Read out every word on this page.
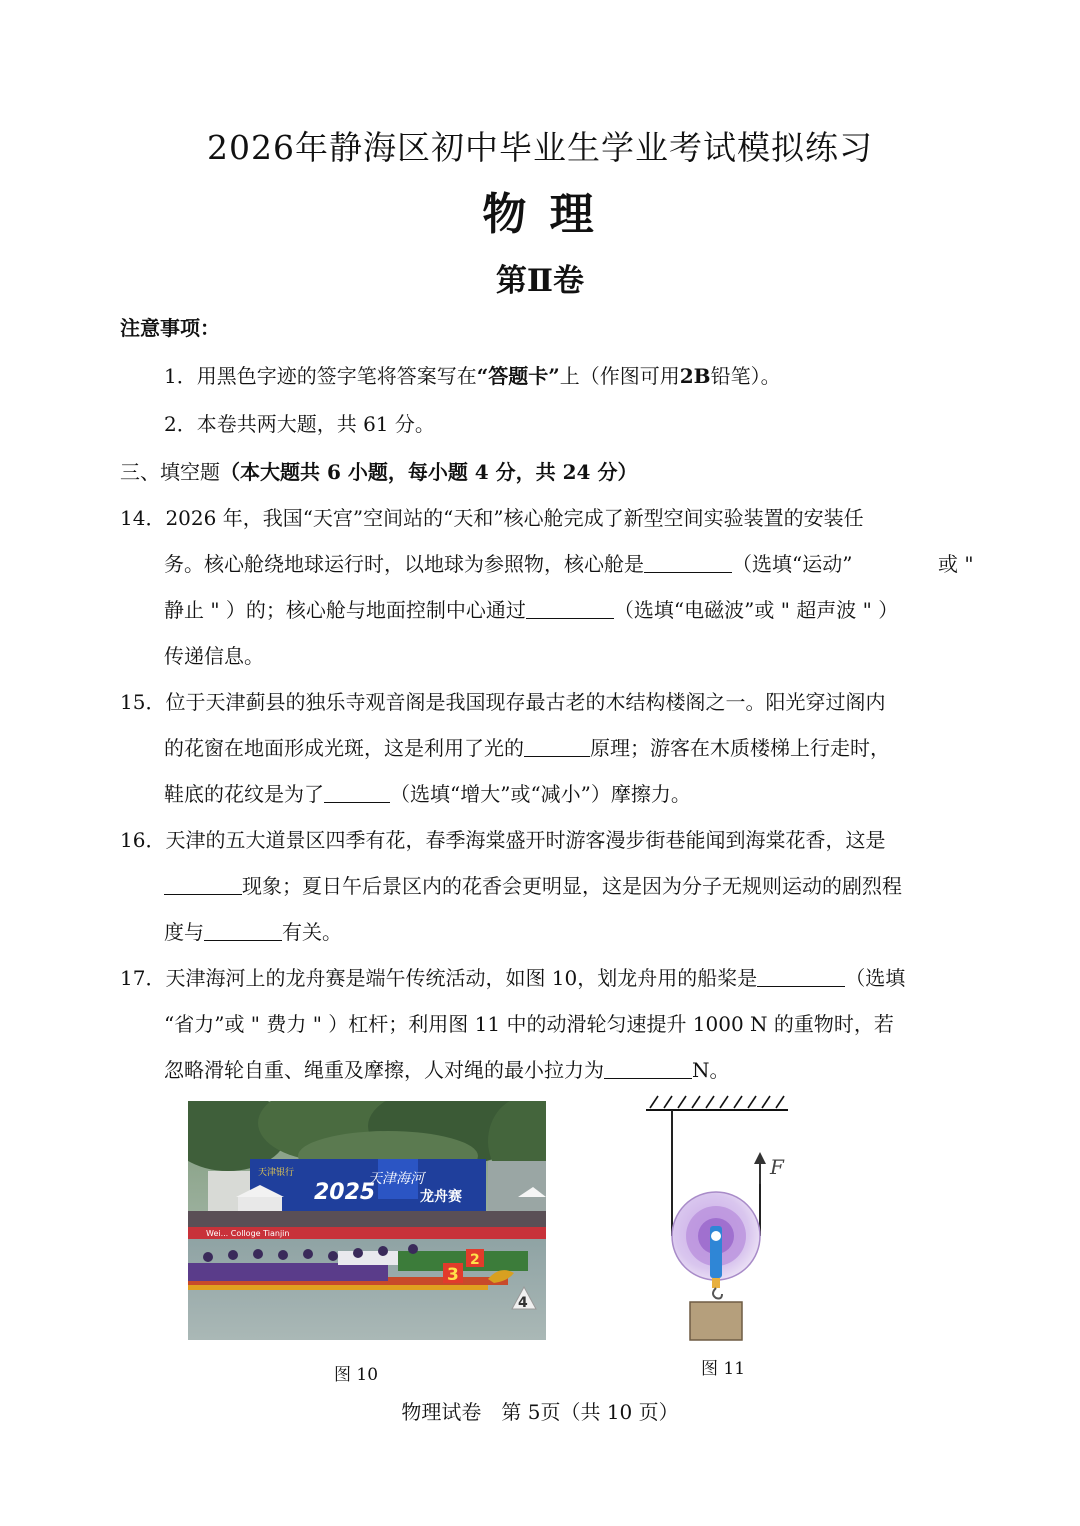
2026年静海区初中毕业生学业考试模拟练习
物 理
第Ⅱ卷
注意事项：
1．用黑色字迹的签字笔将答案写在“答题卡”上（作图可用2B铅笔）。
2．本卷共两大题，共 61 分。
三、填空题（本大题共 6 小题，每小题 4 分，共 24 分）
14．2026 年，我国“天宫”空间站的“天和”核心舱完成了新型空间实验装置的安装任
务。核心舱绕地球运行时，以地球为参照物，核心舱是	（选填“运动”	或 "
静止 " ）的；核心舱与地面控制中心通过	（选填“电磁波”或 " 超声波 " ）
传递信息。
15．位于天津蓟县的独乐寺观音阁是我国现存最古老的木结构楼阁之一。阳光穿过阁内
的花窗在地面形成光斑，这是利用了光的	原理；游客在木质楼梯上行走时，
鞋底的花纹是为了	（选填“增大”或“减小”）摩擦力。
16．天津的五大道景区四季有花，春季海棠盛开时游客漫步街巷能闻到海棠花香，这是
现象；夏日午后景区内的花香会更明显，这是因为分子无规则运动的剧烈程
度与	有关。
17．天津海河上的龙舟赛是端午传统活动，如图 10，划龙舟用的船桨是	（选填
“省力”或 " 费力 " ）杠杆；利用图 11 中的动滑轮匀速提升 1000 N 的重物时，若
忽略滑轮自重、绳重及摩擦，人对绳的最小拉力为	N。
天津银行
2025
天津海河
龙舟赛
Wei... Colloge Tianjin
3
2
4
图 10
F
图 11
物理试卷　第 5页（共 10 页）
